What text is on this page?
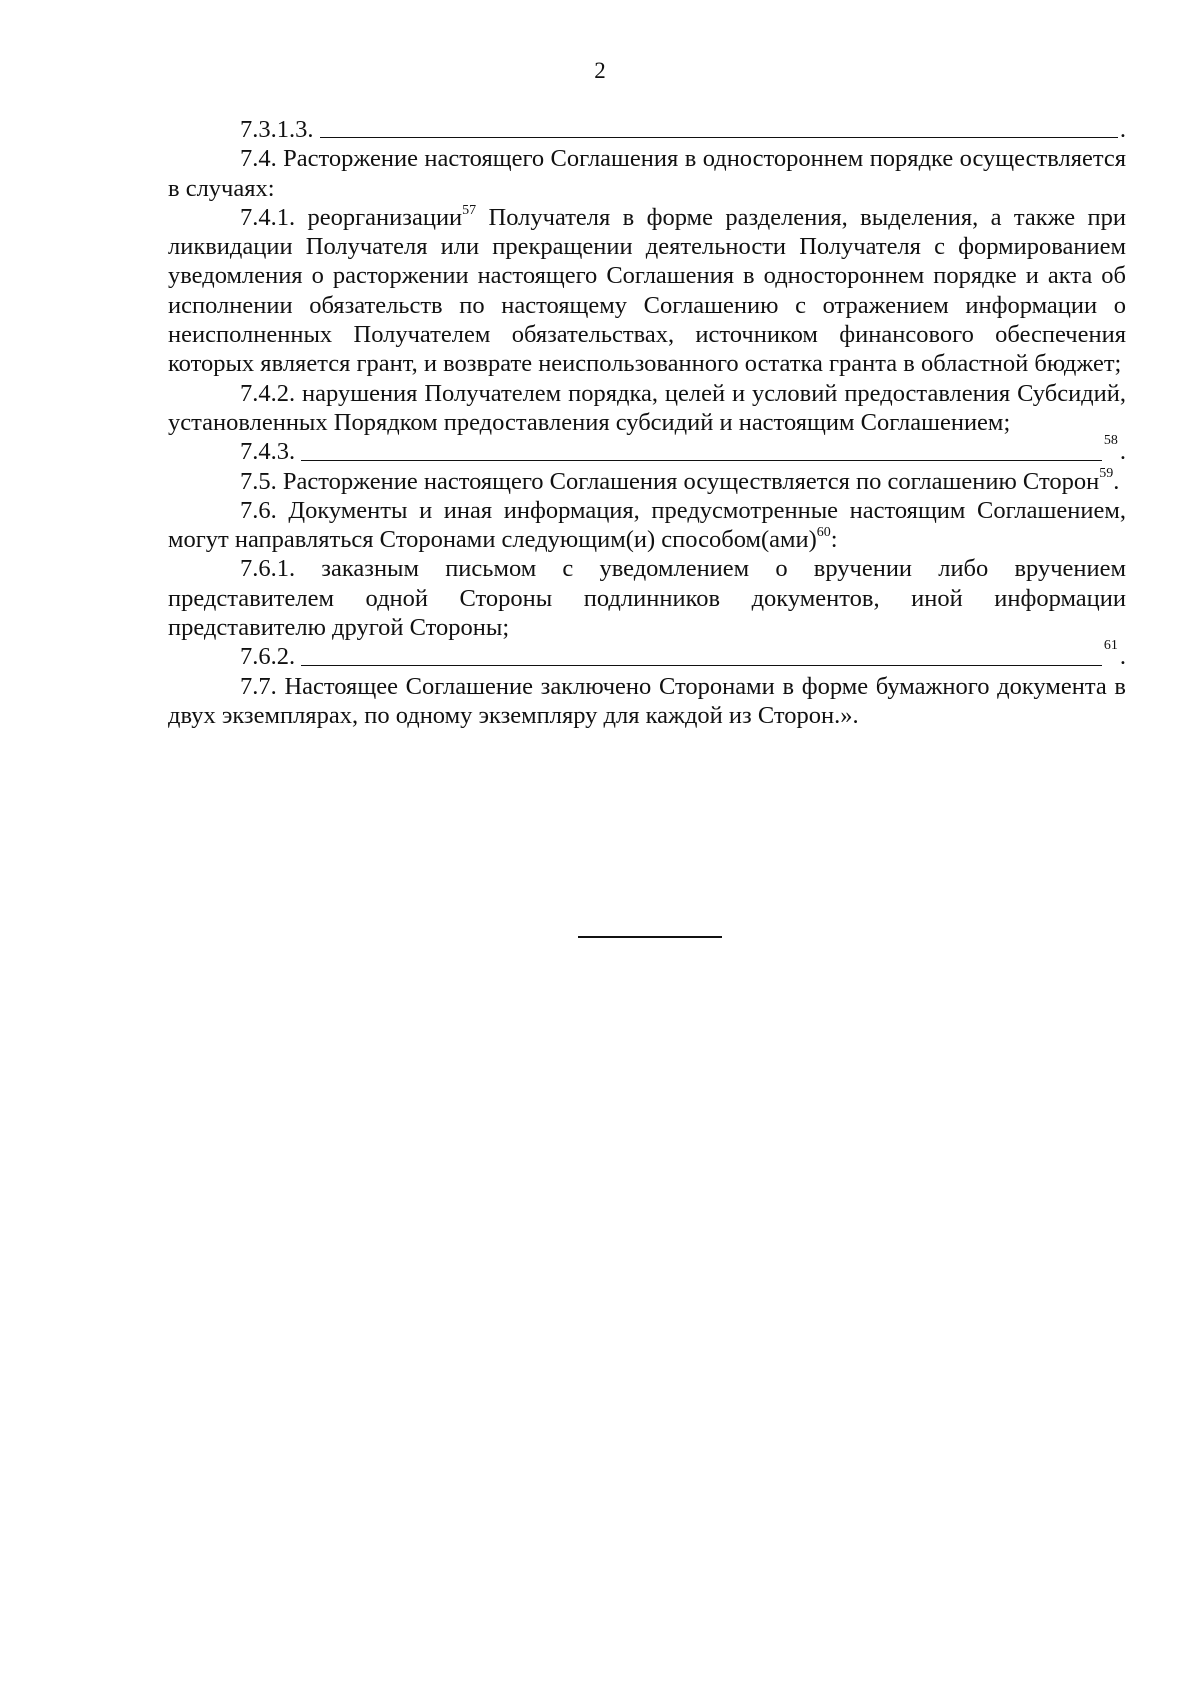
2
7.3.1.3.	.

7.4. Расторжение настоящего Соглашения в одностороннем порядке осуществляется в случаях:

7.4.1. реорганизации$^{57}$ Получателя в форме разделения, выделения, а также при ликвидации Получателя или прекращении деятельности Получателя с формированием уведомления о расторжении настоящего Соглашения в одностороннем порядке и акта об исполнении обязательств по настоящему Соглашению с отражением информации о неисполненных Получателем обязательствах, источником финансового обеспечения которых является грант, и возврате неиспользованного остатка гранта в областной бюджет;

7.4.2. нарушения Получателем порядка, целей и условий предоставления Субсидий, установленных Порядком предоставления субсидий и настоящим Соглашением;

7.4.3.	58 .

7.5. Расторжение настоящего Соглашения осуществляется по соглашению Сторон$^{59}$.

7.6. Документы и иная информация, предусмотренные настоящим Соглашением, могут направляться Сторонами следующим(и) способом(ами)$^{60}$:

7.6.1. заказным письмом с уведомлением о вручении либо вручением представителем одной Стороны подлинников документов, иной информации представителю другой Стороны;

7.6.2.	61 .

7.7. Настоящее Соглашение заключено Сторонами в форме бумажного документа в двух экземплярах, по одному экземпляру для каждой из Сторон.».
